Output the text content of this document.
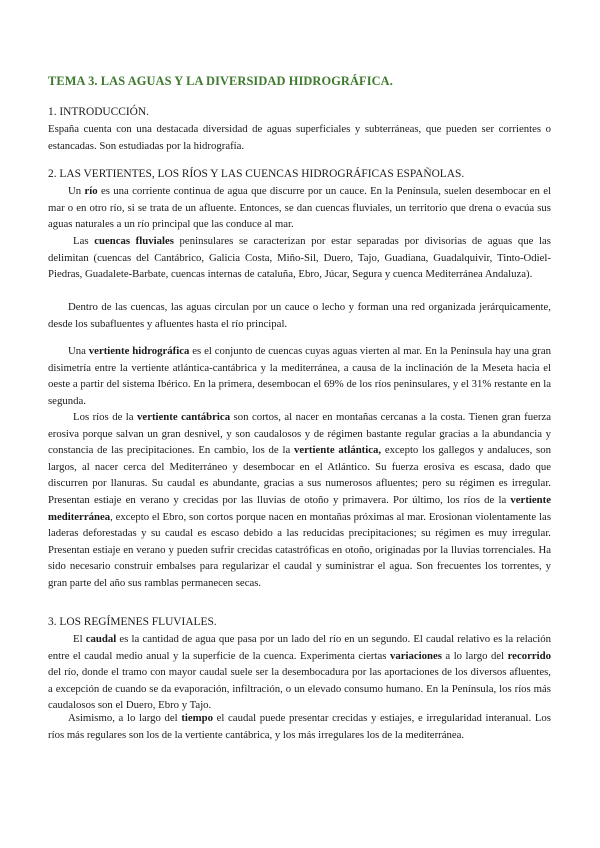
TEMA 3. LAS AGUAS Y LA DIVERSIDAD HIDROGRÁFICA.
1. INTRODUCCIÓN.

España cuenta con una destacada diversidad de aguas superficiales y subterráneas, que pueden ser corrientes o estancadas. Son estudiadas por la hidrografía.

2. LAS VERTIENTES, LOS RÍOS Y LAS CUENCAS HIDROGRÁFICAS ESPAÑOLAS.

Un río es una corriente continua de agua que discurre por un cauce. En la Península, suelen desembocar en el mar o en otro río, si se trata de un afluente. Entonces, se dan cuencas fluviales, un territorio que drena o evacúa sus aguas naturales a un río principal que las conduce al mar.

Las cuencas fluviales peninsulares se caracterizan por estar separadas por divisorias de aguas que las delimitan (cuencas del Cantábrico, Galicia Costa, Miño-Sil, Duero, Tajo, Guadiana, Guadalquivir, Tinto-Odiel-Piedras, Guadalete-Barbate, cuencas internas de cataluña, Ebro, Júcar, Segura y cuenca Mediterránea Andaluza).

Dentro de las cuencas, las aguas circulan por un cauce o lecho y forman una red organizada jerárquicamente, desde los subafluentes y afluentes hasta el río principal.

Una vertiente hidrográfica es el conjunto de cuencas cuyas aguas vierten al mar. En la Península hay una gran disimetría entre la vertiente atlántica-cantábrica y la mediterránea, a causa de la inclinación de la Meseta hacia el oeste a partir del sistema Ibérico. En la primera, desembocan el 69% de los ríos peninsulares, y el 31% restante en la segunda.

Los ríos de la vertiente cantábrica son cortos, al nacer en montañas cercanas a la costa. Tienen gran fuerza erosiva porque salvan un gran desnivel, y son caudalosos y de régimen bastante regular gracias a la abundancia y constancia de las precipitaciones. En cambio, los de la vertiente atlántica, excepto los gallegos y andaluces, son largos, al nacer cerca del Mediterráneo y desembocar en el Atlántico. Su fuerza erosiva es escasa, dado que discurren por llanuras. Su caudal es abundante, gracias a sus numerosos afluentes; pero su régimen es irregular. Presentan estiaje en verano y crecidas por las lluvias de otoño y primavera. Por último, los ríos de la vertiente mediterránea, excepto el Ebro, son cortos porque nacen en montañas próximas al mar. Erosionan violentamente las laderas deforestadas y su caudal es escaso debido a las reducidas precipitaciones; su régimen es muy irregular. Presentan estiaje en verano y pueden sufrir crecidas catastróficas en otoño, originadas por la lluvias torrenciales. Ha sido necesario construir embalses para regularizar el caudal y suministrar el agua. Son frecuentes los torrentes, y gran parte del año sus ramblas permanecen secas.

3. LOS REGÍMENES FLUVIALES.

El caudal es la cantidad de agua que pasa por un lado del río en un segundo. El caudal relativo es la relación entre el caudal medio anual y la superficie de la cuenca. Experimenta ciertas variaciones a lo largo del recorrido del río, donde el tramo con mayor caudal suele ser la desembocadura por las aportaciones de los diversos afluentes, a excepción de cuando se da evaporación, infiltración, o un elevado consumo humano. En la Península, los ríos más caudalosos son el Duero, Ebro y Tajo.

Asimismo, a lo largo del tiempo el caudal puede presentar crecidas y estiajes, e irregularidad interanual. Los ríos más regulares son los de la vertiente cantábrica, y los más irregulares los de la mediterránea.
